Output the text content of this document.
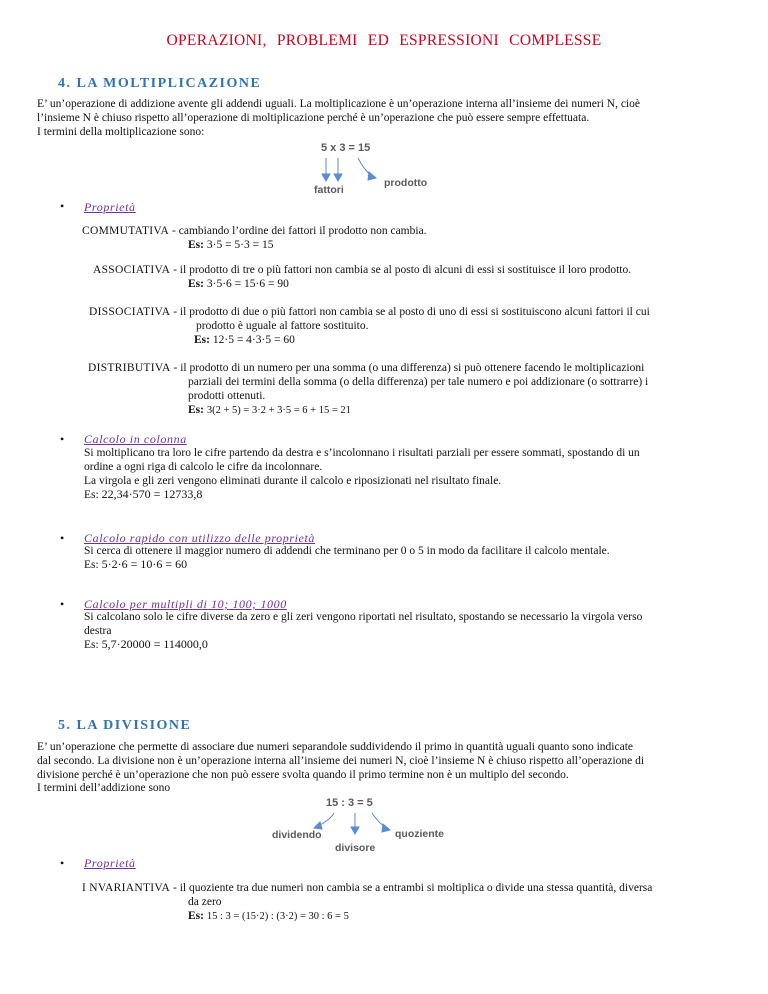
OPERAZIONI, PROBLEMI ED ESPRESSIONI COMPLESSE
4. LA MOLTIPLICAZIONE
E’ un’operazione di addizione avente gli addendi uguali. La moltiplicazione è un’operazione interna all’insieme dei numeri N, cioè
l’insieme N è chiuso rispetto all’operazione di moltiplicazione perché è un’operazione che può essere sempre effettuata.
I termini della moltiplicazione sono:
5 x 3 = 15
fattori
prodotto
• Proprietà
COMMUTATIVA - cambiando l’ordine dei fattori il prodotto non cambia.
Es: 3·5 = 5·3 = 15
ASSOCIATIVA - il prodotto di tre o più fattori non cambia se al posto di alcuni di essi si sostituisce il loro prodotto.
Es: 3·5·6 = 15·6 = 90
DISSOCIATIVA - il prodotto di due o più fattori non cambia se al posto di uno di essi si sostituiscono alcuni fattori il cui
prodotto è uguale al fattore sostituito.
Es: 12·5 = 4·3·5 = 60
DISTRIBUTIVA - il prodotto di un numero per una somma (o una differenza) si può ottenere facendo le moltiplicazioni
parziali dei termini della somma (o della differenza) per tale numero e poi addizionare (o sottrarre) i
prodotti ottenuti.
Es: 3(2 + 5) = 3·2 + 3·5 = 6 + 15 = 21
• Calcolo in colonna
Si moltiplicano tra loro le cifre partendo da destra e s’incolonnano i risultati parziali per essere sommati, spostando di un
ordine a ogni riga di calcolo le cifre da incolonnare.
La virgola e gli zeri vengono eliminati durante il calcolo e riposizionati nel risultato finale.
Es: 22,34·570 = 12733,8
• Calcolo rapido con utilizzo delle proprietà
Si cerca di ottenere il maggior numero di addendi che terminano per 0 o 5 in modo da facilitare il calcolo mentale.
Es: 5·2·6 = 10·6 = 60
• Calcolo per multipli di 10; 100; 1000
Si calcolano solo le cifre diverse da zero e gli zeri vengono riportati nel risultato, spostando se necessario la virgola verso
destra
Es: 5,7·20000 = 114000,0
5. LA DIVISIONE
E’ un’operazione che permette di associare due numeri separandole suddividendo il primo in quantità uguali quanto sono indicate
dal secondo. La divisione non è un’operazione interna all’insieme dei numeri N, cioè l’insieme N è chiuso rispetto all’operazione di
divisione perché è un’operazione che non può essere svolta quando il primo termine non è un multiplo del secondo.
I termini dell’addizione sono
15 : 3 = 5
dividendo
divisore
quoziente
• Proprietà
I NVARIANTIVA - il quoziente tra due numeri non cambia se a entrambi si moltiplica o divide una stessa quantità, diversa
da zero
Es: 15 : 3 = (15·2) : (3·2) = 30 : 6 = 5
